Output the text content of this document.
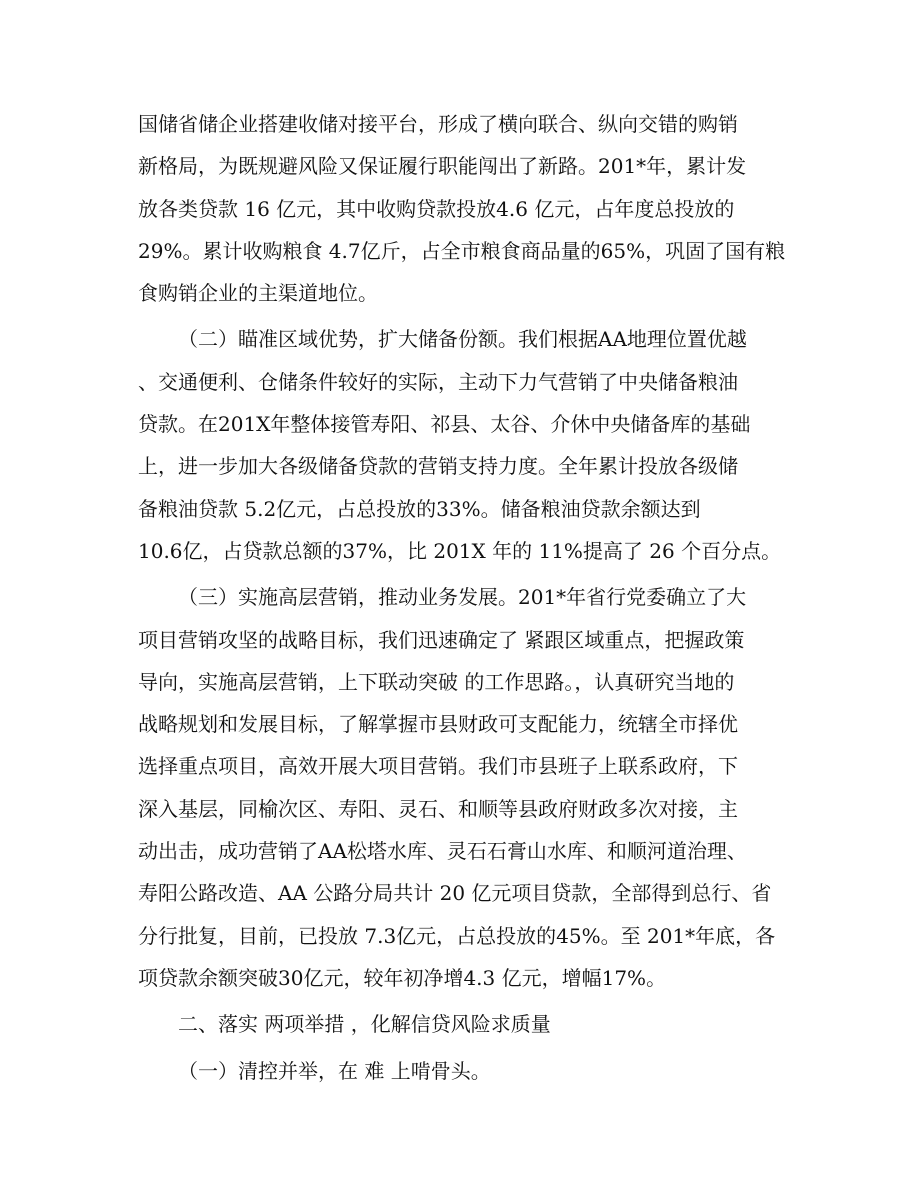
国储省储企业搭建收储对接平台，形成了横向联合、纵向交错的购销
新格局，为既规避风险又保证履行职能闯出了新路。201*年，累计发
放各类贷款 16 亿元，其中收购贷款投放4.6 亿元，占年度总投放的
29%。累计收购粮食 4.7亿斤，占全市粮食商品量的65%，巩固了国有粮
食购销企业的主渠道地位。
（二）瞄准区域优势，扩大储备份额。我们根据AA地理位置优越
、交通便利、仓储条件较好的实际，主动下力气营销了中央储备粮油
贷款。在201X年整体接管寿阳、祁县、太谷、介休中央储备库的基础
上，进一步加大各级储备贷款的营销支持力度。全年累计投放各级储
备粮油贷款 5.2亿元，占总投放的33%。储备粮油贷款余额达到
10.6亿，占贷款总额的37%，比 201X 年的 11%提高了 26 个百分点。
（三）实施高层营销，推动业务发展。201*年省行党委确立了大
项目营销攻坚的战略目标，我们迅速确定了 紧跟区域重点，把握政策
导向，实施高层营销，上下联动突破 的工作思路。，认真研究当地的
战略规划和发展目标，了解掌握市县财政可支配能力，统辖全市择优
选择重点项目，高效开展大项目营销。我们市县班子上联系政府，下
深入基层，同榆次区、寿阳、灵石、和顺等县政府财政多次对接，主
动出击，成功营销了AA松塔水库、灵石石膏山水库、和顺河道治理、
寿阳公路改造、AA 公路分局共计 20 亿元项目贷款，全部得到总行、省
分行批复，目前，已投放 7.3亿元，占总投放的45%。至 201*年底，各
项贷款余额突破30亿元，较年初净增4.3 亿元，增幅17%。
二、落实 两项举措 ，化解信贷风险求质量
（一）清控并举，在 难 上啃骨头。
